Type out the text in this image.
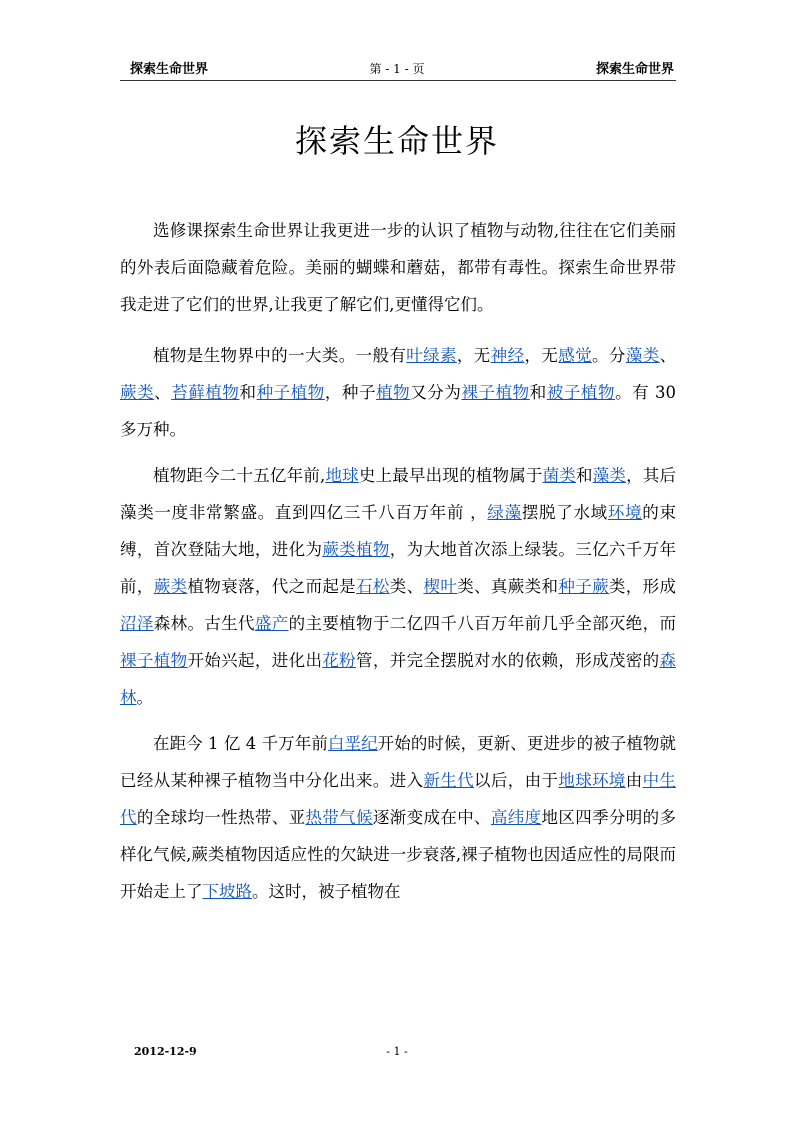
探索生命世界	第 - 1 - 页	探索生命世界
探索生命世界

选修课探索生命世界让我更进一步的认识了植物与动物,往往在它们美丽的外表后面隐藏着危险。美丽的蝴蝶和蘑菇，都带有毒性。探索生命世界带我走进了它们的世界,让我更了解它们,更懂得它们。

植物是生物界中的一大类。一般有叶绿素，无神经，无感觉。分藻类、蕨类、苔藓植物和种子植物，种子植物又分为裸子植物和被子植物。有 30 多万种。

植物距今二十五亿年前,地球史上最早出现的植物属于菌类和藻类，其后藻类一度非常繁盛。直到四亿三千八百万年前 ，绿藻摆脱了水域环境的束缚，首次登陆大地，进化为蕨类植物，为大地首次添上绿装。三亿六千万年前，蕨类植物衰落，代之而起是石松类、楔叶类、真蕨类和种子蕨类，形成沼泽森林。古生代盛产的主要植物于二亿四千八百万年前几乎全部灭绝，而裸子植物开始兴起，进化出花粉管，并完全摆脱对水的依赖，形成茂密的森林。

在距今 1 亿 4 千万年前白垩纪开始的时候，更新、更进步的被子植物就已经从某种裸子植物当中分化出来。进入新生代以后，由于地球环境由中生代的全球均一性热带、亚热带气候逐渐变成在中、高纬度地区四季分明的多样化气候,蕨类植物因适应性的欠缺进一步衰落,裸子植物也因适应性的局限而开始走上了下坡路。这时，被子植物在

2012-12-9	- 1 -
